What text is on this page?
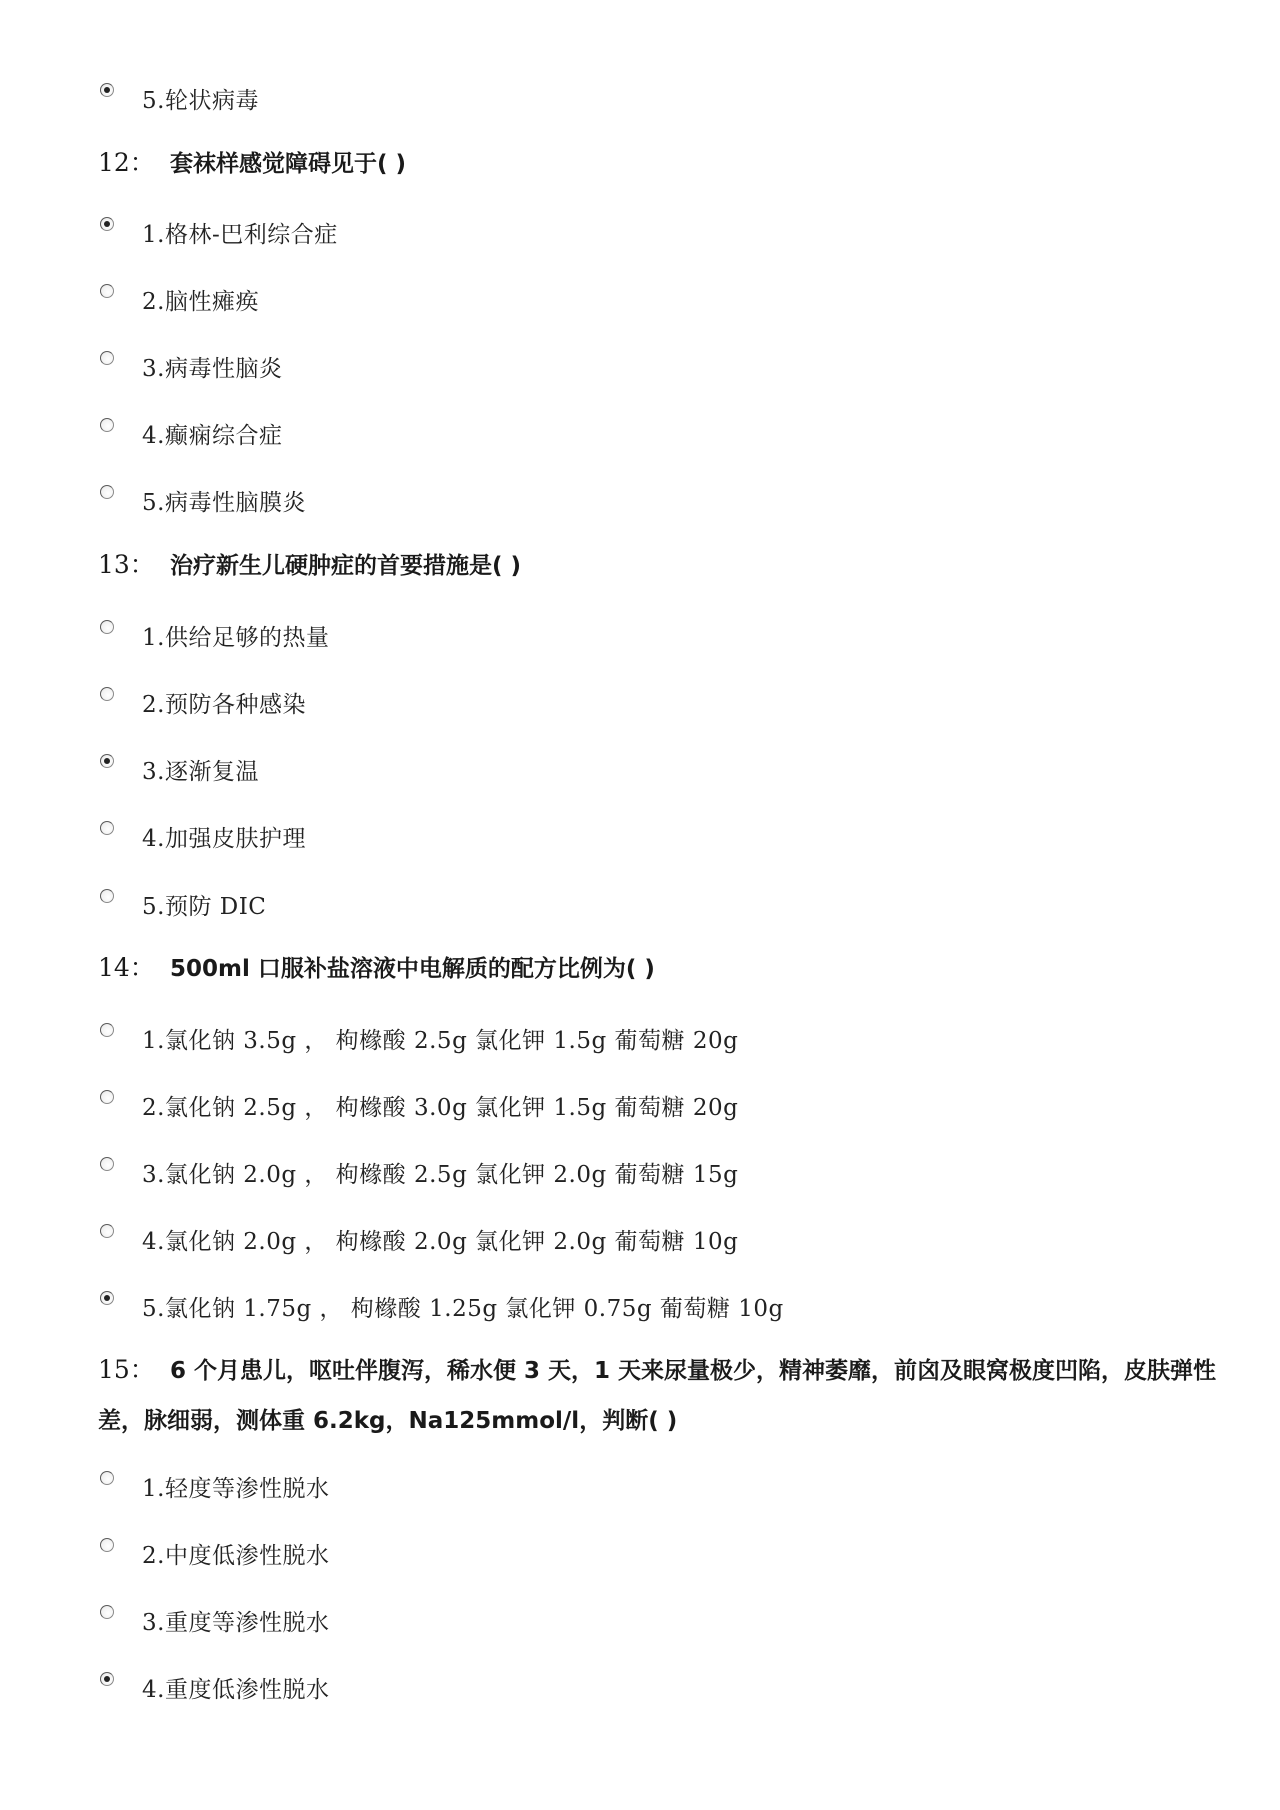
5.轮状病毒
12： 套袜样感觉障碍见于( )
1.格林-巴利综合症
2.脑性瘫痪
3.病毒性脑炎
4.癫痫综合症
5.病毒性脑膜炎
13： 治疗新生儿硬肿症的首要措施是( )
1.供给足够的热量
2.预防各种感染
3.逐渐复温
4.加强皮肤护理
5.预防 DIC
14： 500ml 口服补盐溶液中电解质的配方比例为( )
1.氯化钠 3.5g ， 枸橼酸 2.5g 氯化钾 1.5g 葡萄糖 20g
2.氯化钠 2.5g ， 枸橼酸 3.0g 氯化钾 1.5g 葡萄糖 20g
3.氯化钠 2.0g ， 枸橼酸 2.5g 氯化钾 2.0g 葡萄糖 15g
4.氯化钠 2.0g ， 枸橼酸 2.0g 氯化钾 2.0g 葡萄糖 10g
5.氯化钠 1.75g ， 枸橼酸 1.25g 氯化钾 0.75g 葡萄糖 10g
15： 6 个月患儿，呕吐伴腹泻，稀水便 3 天，1 天来尿量极少，精神萎靡，前囟及眼窝极度凹陷，皮肤弹性差，脉细弱，测体重 6.2kg，Na125mmol/l，判断( )
1.轻度等渗性脱水
2.中度低渗性脱水
3.重度等渗性脱水
4.重度低渗性脱水
